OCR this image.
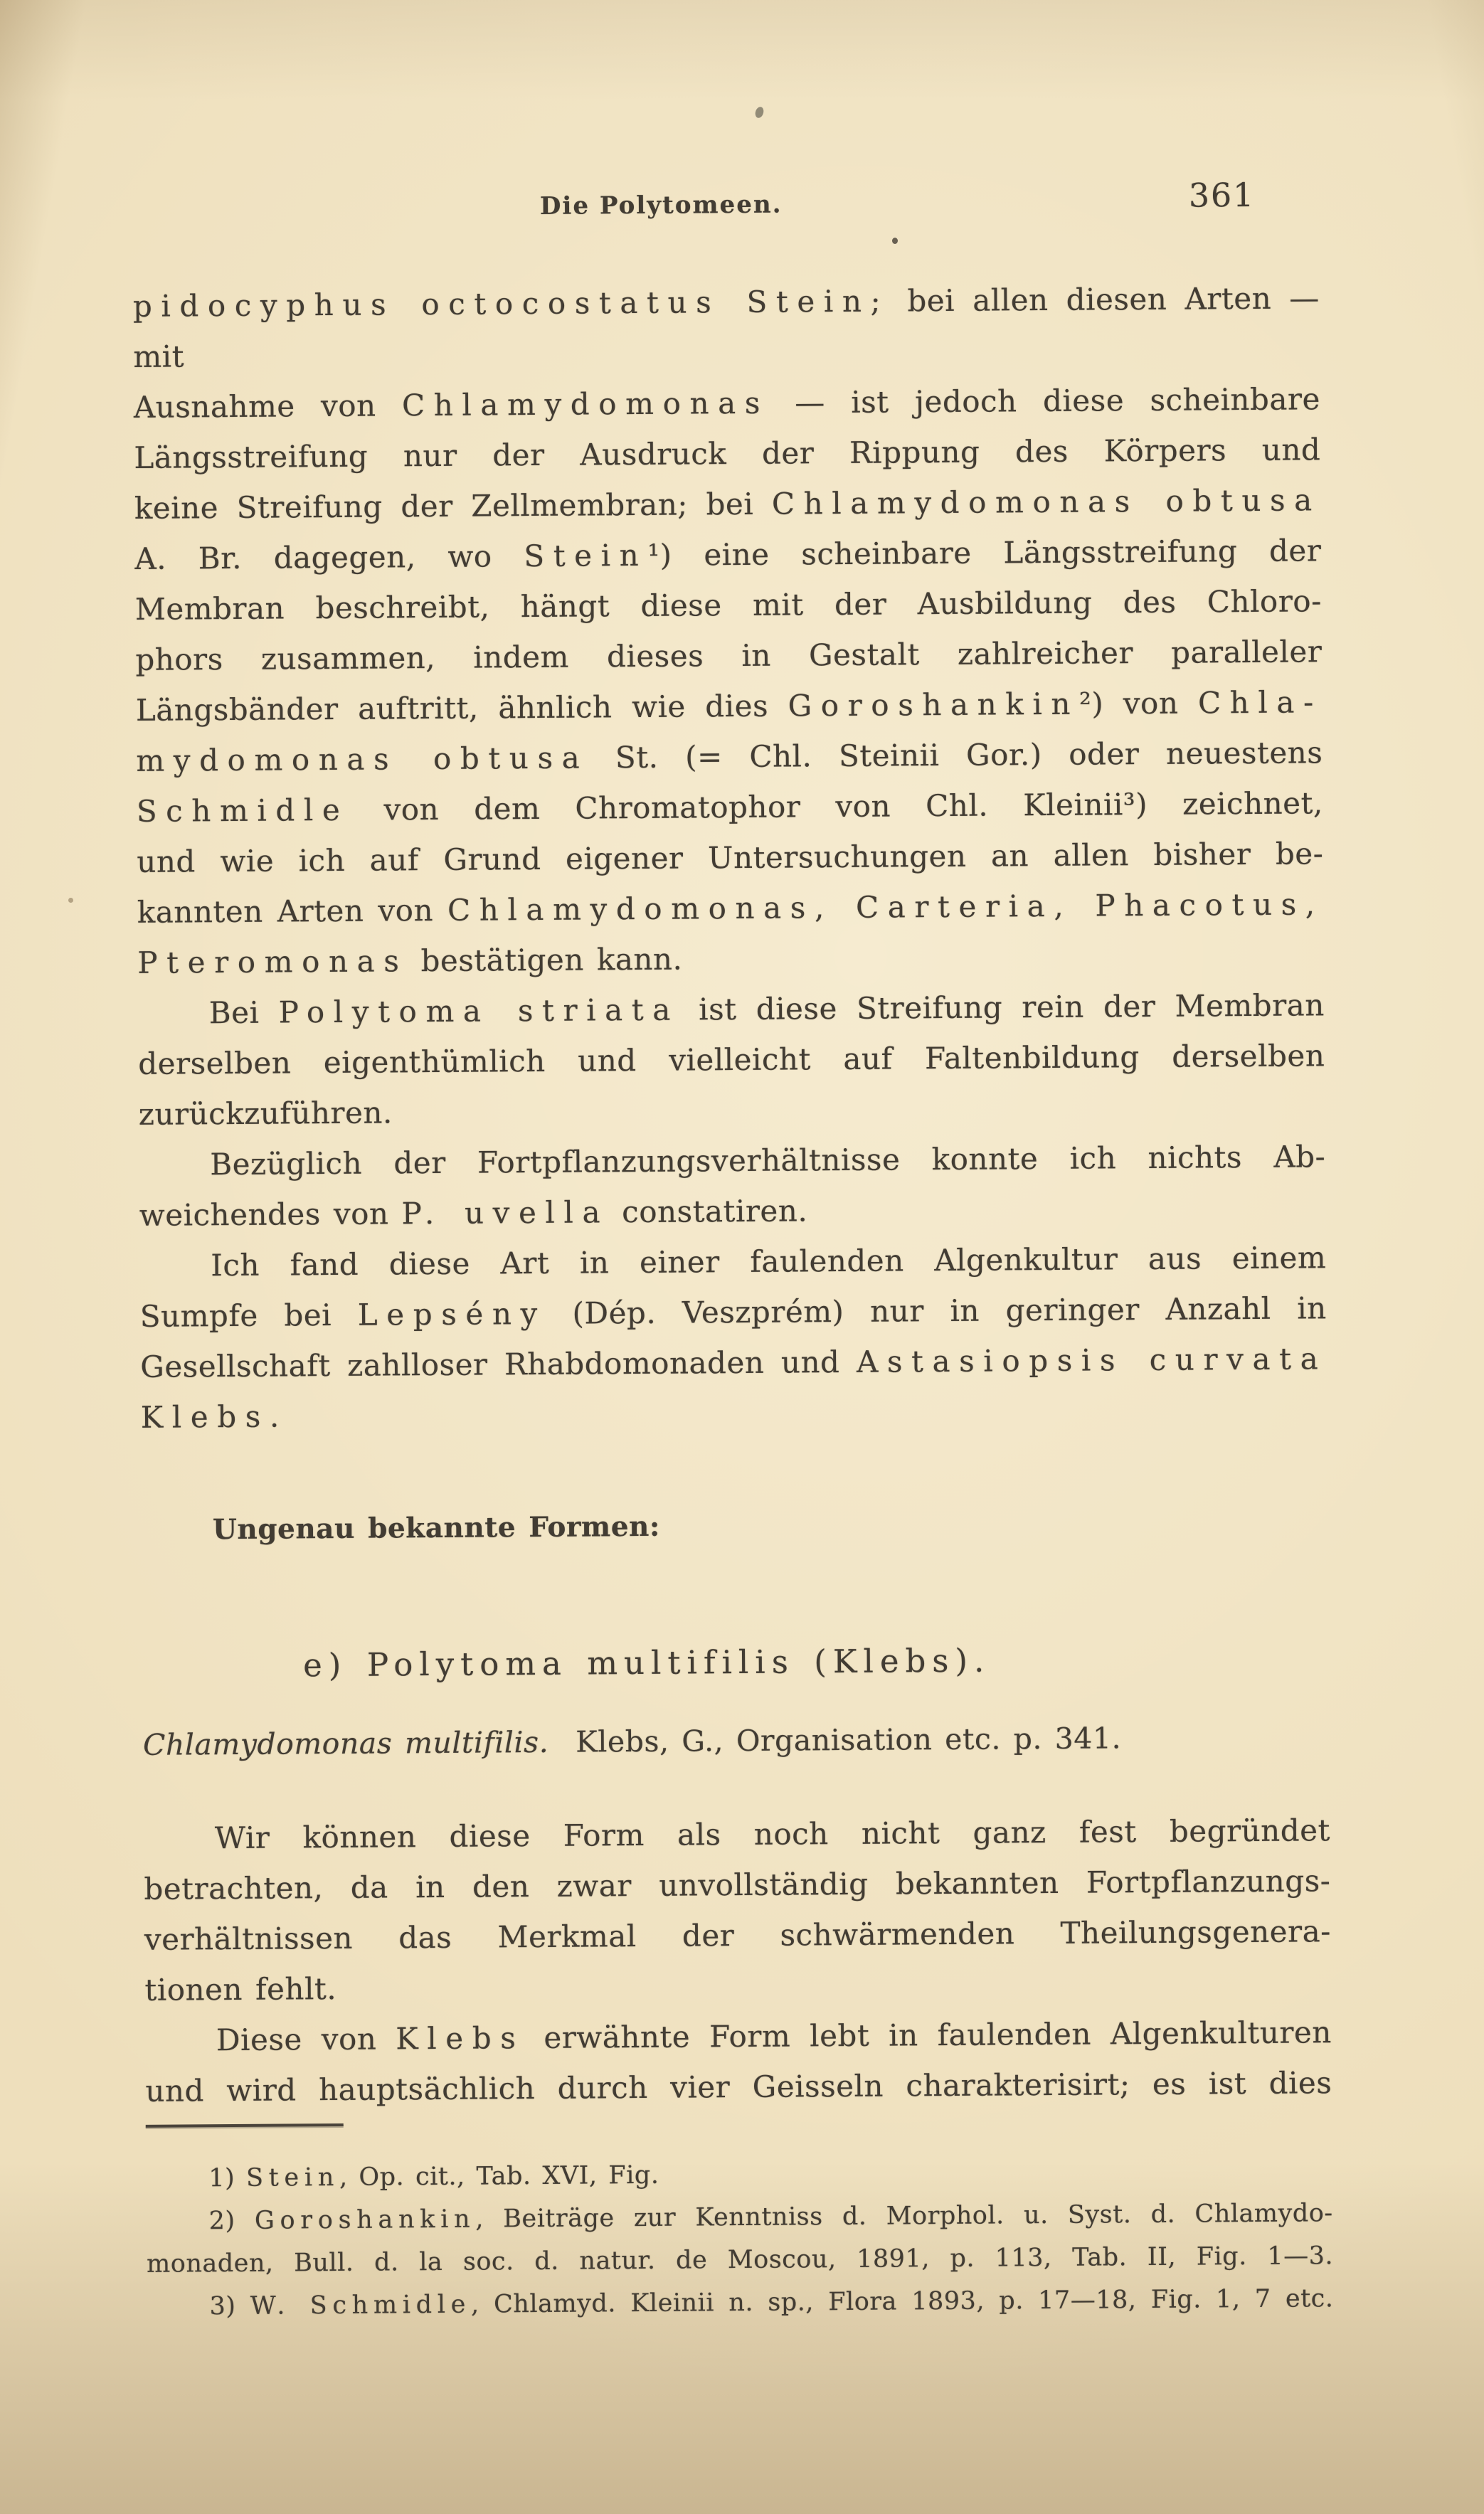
Die Polytomeen.	361
pidocyphus octocostatus Stein; bei allen diesen Arten — mit
Ausnahme von Chlamydomonas — ist jedoch diese scheinbare
Längsstreifung nur der Ausdruck der Rippung des Körpers und
keine Streifung der Zellmembran; bei Chlamydomonas obtusa
A. Br. dagegen, wo Stein¹) eine scheinbare Längsstreifung der
Membran beschreibt, hängt diese mit der Ausbildung des Chloro-
phors zusammen, indem dieses in Gestalt zahlreicher paralleler
Längsbänder auftritt, ähnlich wie dies Goroshankin²) von Chla-
mydomonas obtusa St. (= Chl. Steinii Gor.) oder neuestens
Schmidle von dem Chromatophor von Chl. Kleinii³) zeichnet,
und wie ich auf Grund eigener Untersuchungen an allen bisher be-
kannten Arten von Chlamydomonas, Carteria, Phacotus,
Pteromonas bestätigen kann.
Bei Polytoma striata ist diese Streifung rein der Membran
derselben eigenthümlich und vielleicht auf Faltenbildung derselben
zurückzuführen.
Bezüglich der Fortpflanzungsverhältnisse konnte ich nichts Ab-
weichendes von P. uvella constatiren.
Ich fand diese Art in einer faulenden Algenkultur aus einem
Sumpfe bei Lepsény (Dép. Veszprém) nur in geringer Anzahl in
Gesellschaft zahlloser Rhabdomonaden und Astasiopsis curvata
Klebs.
Ungenau bekannte Formen:
e) Polytoma multifilis (Klebs).
Chlamydomonas multifilis. Klebs, G., Organisation etc. p. 341.
Wir können diese Form als noch nicht ganz fest begründet
betrachten, da in den zwar unvollständig bekannten Fortpflanzungs-
verhältnissen das Merkmal der schwärmenden Theilungsgenera-
tionen fehlt.
Diese von Klebs erwähnte Form lebt in faulenden Algenkulturen
und wird hauptsächlich durch vier Geisseln charakterisirt; es ist dies
1) Stein, Op. cit., Tab. XVI, Fig.
2) Goroshankin, Beiträge zur Kenntniss d. Morphol. u. Syst. d. Chlamydo-
monaden, Bull. d. la soc. d. natur. de Moscou, 1891, p. 113, Tab. II, Fig. 1—3.
3) W. Schmidle, Chlamyd. Kleinii n. sp., Flora 1893, p. 17—18, Fig. 1, 7 etc.
